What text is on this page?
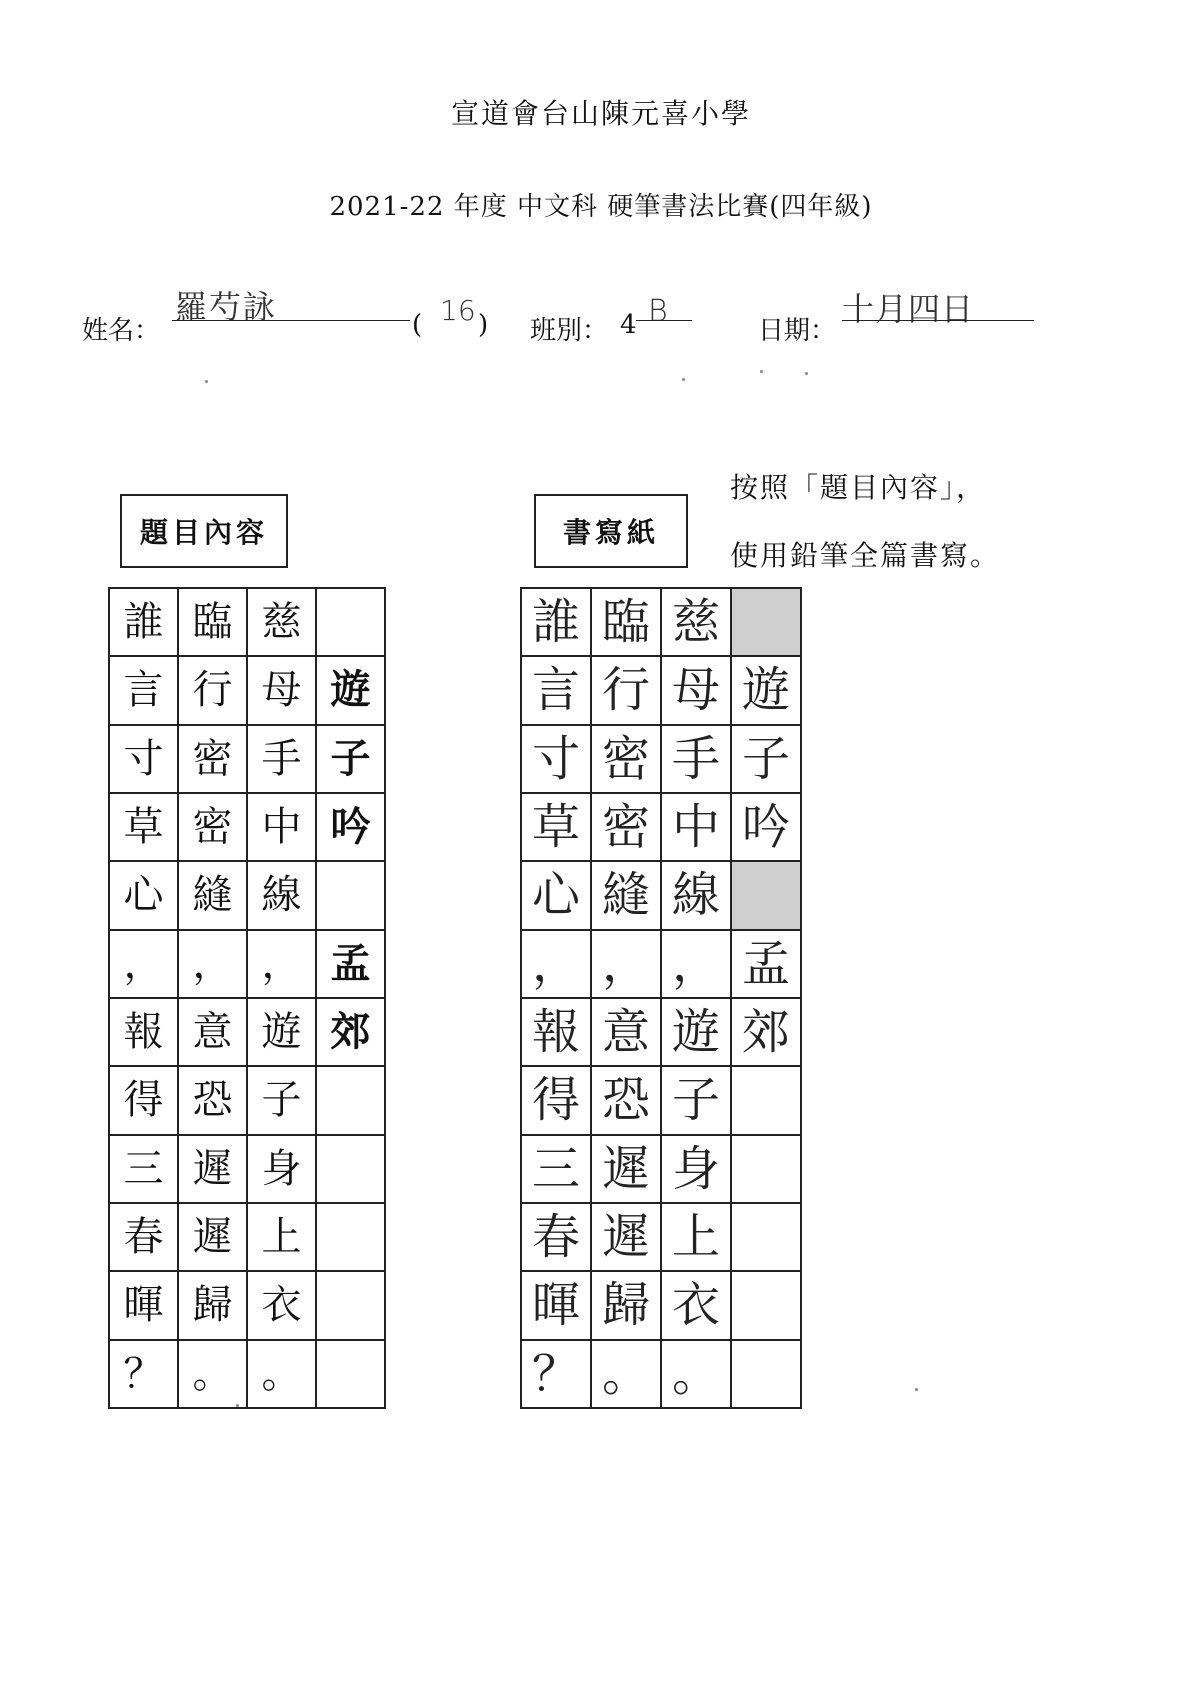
宣道會台山陳元喜小學
2021-22 年度 中文科 硬筆書法比賽(四年級)
姓名：
羅芍詠	( 16 ) 班別： 4 B
日期：
十月四日
題目內容	書寫紙
按照「題目內容」，
使用鉛筆全篇書寫。
誰	臨	慈	
言	行	母	遊
寸	密	手	子
草	密	中	吟
心	縫	線	
，	，	，	孟
報	意	遊	郊
得	恐	子	
三	遲	身	
春	遲	上	
暉	歸	衣	
？	。	。	
誰	臨	慈	
言	行	母	遊
寸	密	手	子
草	密	中	吟
心	縫	線	
，	，	，	孟
報	意	遊	郊
得	恐	子	
三	遲	身	
春	遲	上	
暉	歸	衣	
？	。	。	
